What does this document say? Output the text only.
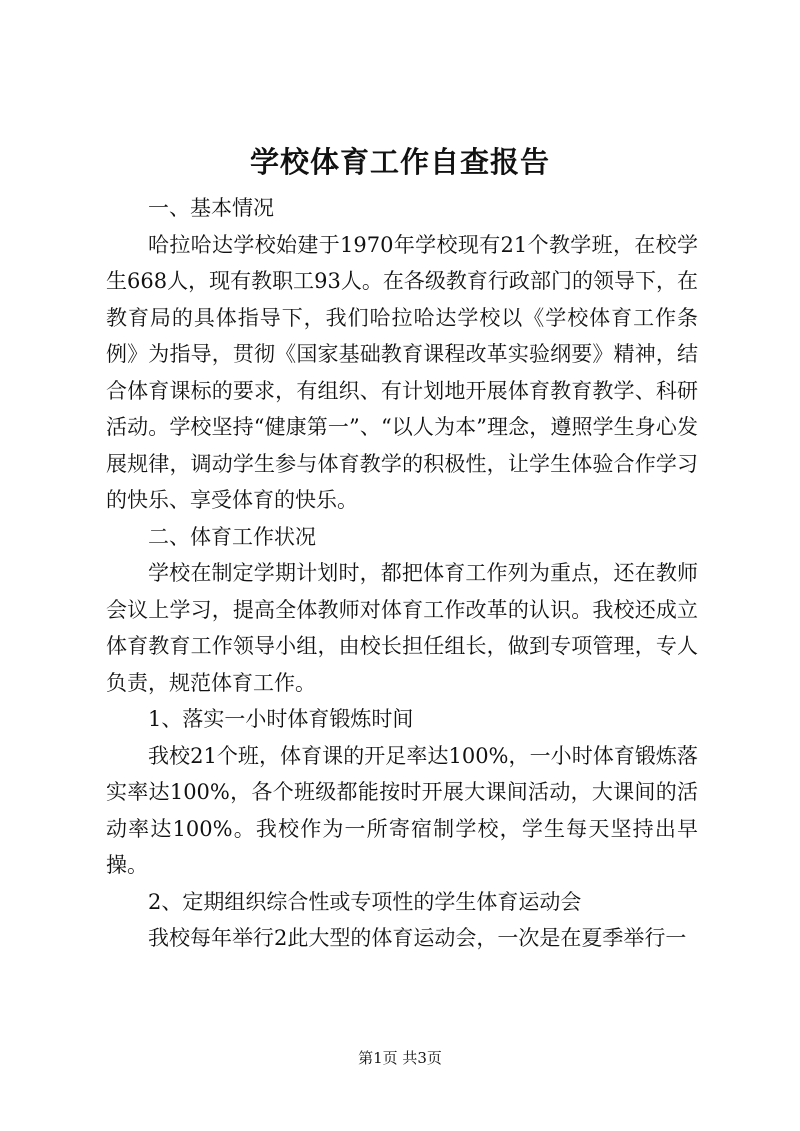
学校体育工作自查报告

一、基本情况

哈拉哈达学校始建于1970年学校现有21个教学班，在校学生668人，现有教职工93人。在各级教育行政部门的领导下，在教育局的具体指导下，我们哈拉哈达学校以《学校体育工作条例》为指导，贯彻《国家基础教育课程改革实验纲要》精神，结合体育课标的要求，有组织、有计划地开展体育教育教学、科研活动。学校坚持“健康第一”、“以人为本”理念，遵照学生身心发展规律，调动学生参与体育教学的积极性，让学生体验合作学习的快乐、享受体育的快乐。

二、体育工作状况

学校在制定学期计划时，都把体育工作列为重点，还在教师会议上学习，提高全体教师对体育工作改革的认识。我校还成立体育教育工作领导小组，由校长担任组长，做到专项管理，专人负责，规范体育工作。

1、落实一小时体育锻炼时间

我校21个班，体育课的开足率达100%，一小时体育锻炼落实率达100%，各个班级都能按时开展大课间活动，大课间的活动率达100%。我校作为一所寄宿制学校，学生每天坚持出早操。

2、定期组织综合性或专项性的学生体育运动会

我校每年举行2此大型的体育运动会，一次是在夏季举行一

第1页 共3页
